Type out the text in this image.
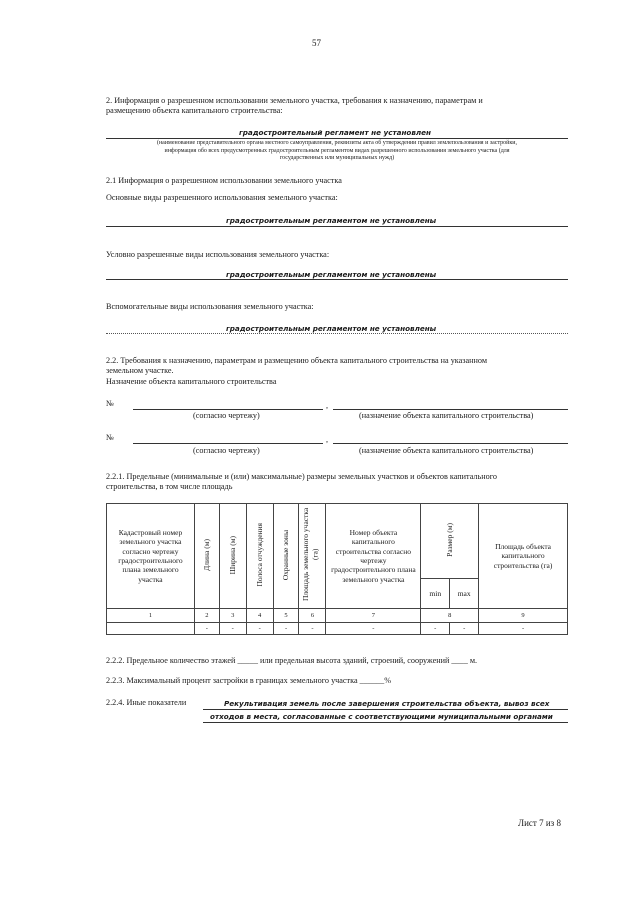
57
2. Информация о разрешенном использовании земельного участка, требования к назначению, параметрам и
размещению объекта капитального строительства:
градостроительный регламент не установлен
(наименование представительного органа местного самоуправления, реквизиты акта об утверждении правил землепользования и застройки,
информация обо всех предусмотренных градостроительным регламентом видах разрешенного использования земельного участка (для
государственных или муниципальных нужд)
2.1 Информация о разрешенном использовании земельного участка
Основные виды разрешенного использования земельного участка:
градостроительным регламентом не установлены
Условно разрешенные виды использования земельного участка:
градостроительным регламентом не установлены
Вспомогательные виды использования земельного участка:
градостроительным регламентом не установлены
2.2. Требования к назначению, параметрам и размещению объекта капитального строительства на указанном
земельном участке.
Назначение объекта капитального строительства
№	,
(согласно чертежу)	(назначение объекта капитального строительства)
№	,
(согласно чертежу)	(назначение объекта капитального строительства)
2.2.1. Предельные (минимальные и (или) максимальные) размеры земельных участков и объектов капитального
строительства, в том числе площадь
Кадастровый номер земельного участка согласно чертежу градостроительного плана земельного участка	Длина (м)	Ширина (м)	Полоса отчуждения	Охранные зоны	Площадь земельного участка (га)	Номер объекта капитального строительства согласно чертежу градостроительного плана земельного участка	Размер (м)		Площадь объекта капитального строительства (га)
							min	max	
1	2	3	4	5	6	7	8		9
	-	-	-	-	-	-	-	-	-
2.2.2. Предельное количество этажей _____ или предельная высота зданий, строений, сооружений ____ м.
2.2.3. Максимальный процент застройки в границах земельного участка ______%
2.2.4. Иные показатели	Рекультивация земель после завершения строительства объекта, вывоз всех
отходов в места, согласованные с соответствующими муниципальными органами
Лист 7 из 8
